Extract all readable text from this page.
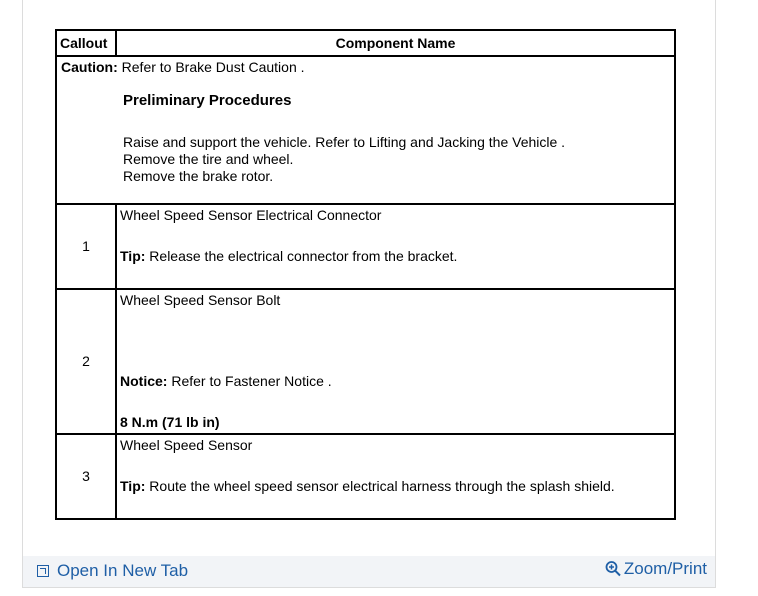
Callout	Component Name

Caution: Refer to Brake Dust Caution .

Preliminary Procedures

Raise and support the vehicle. Refer to Lifting and Jacking the Vehicle .

Remove the tire and wheel.

Remove the brake rotor.	

1	Wheel Speed Sensor Electrical Connector

Tip: Release the electrical connector from the bracket.

2	Wheel Speed Sensor Bolt

Notice: Refer to Fastener Notice .

8 N.m (71 lb in)

3	Wheel Speed Sensor

Tip: Route the wheel speed sensor electrical harness through the splash shield.

Open In New Tab	Zoom/Print
